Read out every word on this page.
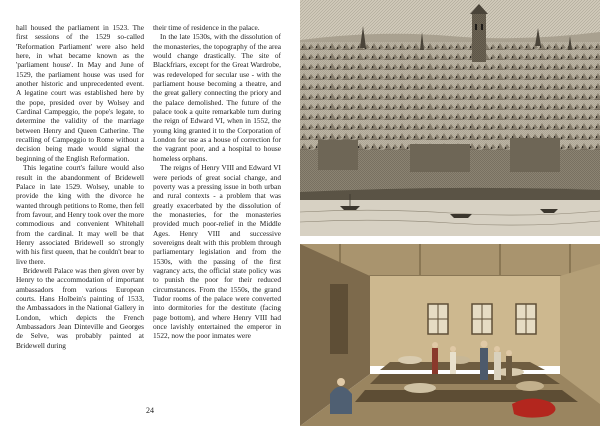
hall housed the parliament in 1523. The first sessions of the 1529 so-called 'Reformation Parliament' were also held here, in what became known as the 'parliament house'. In May and June of 1529, the parliament house was used for another historic and unprecedented event. A legatine court was established here by the pope, presided over by Wolsey and Cardinal Campeggio, the pope's legate, to determine the validity of the marriage between Henry and Queen Catherine. The recalling of Campeggio to Rome without a decision being made would signal the beginning of the English Reformation.

This legatine court's failure would also result in the abandonment of Bridewell Palace in late 1529. Wolsey, unable to provide the king with the divorce he wanted through petitions to Rome, then fell from favour, and Henry took over the more commodious and convenient Whitehall from the cardinal. It may well be that Henry associated Bridewell so strongly with his first queen, that he couldn't bear to live there.

Bridewell Palace was then given over by Henry to the accommodation of important ambassadors from various European courts. Hans Holbein's painting of 1533, the Ambassadors in the National Gallery in London, which depicts the French Ambassadors Jean Dinteville and Georges de Selve, was probably painted at Bridewell during

their time of residence in the palace.

In the late 1530s, with the dissolution of the monasteries, the topography of the area would change drastically. The site of Blackfriars, except for the Great Wardrobe, was redeveloped for secular use - with the parliament house becoming a theatre, and the great gallery connecting the priory and the palace demolished. The future of the palace took a quite remarkable turn during the reign of Edward VI, when in 1552, the young king granted it to the Corporation of London for use as a house of correction for the vagrant poor, and a hospital to house homeless orphans.

The reigns of Henry VIII and Edward VI were periods of great social change, and poverty was a pressing issue in both urban and rural contexts - a problem that was greatly exacerbated by the dissolution of the monasteries, for the monasteries provided much poor-relief in the Middle Ages. Henry VIII and successive sovereigns dealt with this problem through parliamentary legislation and from the 1530s, with the passing of the first vagrancy acts, the official state policy was to punish the poor for their reduced circumstances. From the 1550s, the grand Tudor rooms of the palace were converted into dormitories for the destitute (facing page bottom), and where Henry VIII had once lavishly entertained the emperor in 1522, now the poor inmates were

24
